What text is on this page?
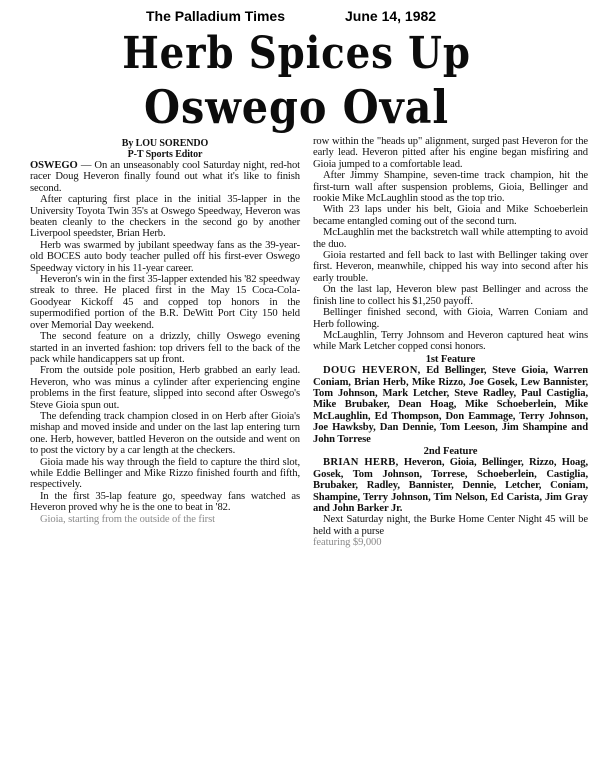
The Palladium Times	June 14, 1982
Herb Spices Up
Oswego Oval
By LOU SORENDO
P-T Sports Editor

OSWEGO — On an unseasonably cool Saturday night, red-hot racer Doug Heveron finally found out what it's like to finish second.

After capturing first place in the initial 35-lapper in the University Toyota Twin 35's at Oswego Speedway, Heveron was beaten cleanly to the checkers in the second go by another Liverpool speedster, Brian Herb.

Herb was swarmed by jubilant speedway fans as the 39-year-old BOCES auto body teacher pulled off his first-ever Oswego Speedway victory in his 11-year career.

Heveron's win in the first 35-lapper extended his '82 speedway streak to three. He placed first in the May 15 Coca-Cola-Goodyear Kickoff 45 and copped top honors in the supermodified portion of the B.R. DeWitt Port City 150 held over Memorial Day weekend.

The second feature on a drizzly, chilly Oswego evening started in an inverted fashion: top drivers fell to the back of the pack while handicappers sat up front.

From the outside pole position, Herb grabbed an early lead. Heveron, who was minus a cylinder after experiencing engine problems in the first feature, slipped into second after Oswego's Steve Gioia spun out.

The defending track champion closed in on Herb after Gioia's mishap and moved inside and under on the last lap entering turn one. Herb, however, battled Heveron on the outside and went on to post the victory by a car length at the checkers.

Gioia made his way through the field to capture the third slot, while Eddie Bellinger and Mike Rizzo finished fourth and fifth, respectively.

In the first 35-lap feature go, speedway fans watched as Heveron proved why he is the one to beat in '82.

Gioia, starting from the outside of the first

row within the "heads up" alignment, surged past Heveron for the early lead. Heveron pitted after his engine began misfiring and Gioia jumped to a comfortable lead.

After Jimmy Shampine, seven-time track champion, hit the first-turn wall after suspension problems, Gioia, Bellinger and rookie Mike McLaughlin stood as the top trio.

With 23 laps under his belt, Gioia and Mike Schoeberlein became entangled coming out of the second turn.

McLaughlin met the backstretch wall while attempting to avoid the duo.

Gioia restarted and fell back to last with Bellinger taking over first. Heveron, meanwhile, chipped his way into second after his early trouble.

On the last lap, Heveron blew past Bellinger and across the finish line to collect his $1,250 payoff.

Bellinger finished second, with Gioia, Warren Coniam and Herb following.

McLaughlin, Terry Johnsom and Heveron captured heat wins while Mark Letcher copped consi honors.

1st Feature

DOUG HEVERON, Ed Bellinger, Steve Gioia, Warren Coniam, Brian Herb, Mike Rizzo, Joe Gosek, Lew Bannister, Tom Johnson, Mark Letcher, Steve Radley, Paul Castiglia, Mike Brubaker, Dean Hoag, Mike Schoeberlein, Mike McLaughlin, Ed Thompson, Don Eammage, Terry Johnson, Joe Hawksby, Dan Dennie, Tom Leeson, Jim Shampine and John Torrese

2nd Feature

BRIAN HERB, Heveron, Gioia, Bellinger, Rizzo, Hoag, Gosek, Tom Johnson, Torrese, Schoeberlein, Castiglia, Brubaker, Radley, Bannister, Dennie, Letcher, Coniam, Shampine, Terry Johnson, Tim Nelson, Ed Carista, Jim Gray and John Barker Jr.

Next Saturday night, the Burke Home Center Night 45 will be held with a purse

featuring $9,000
